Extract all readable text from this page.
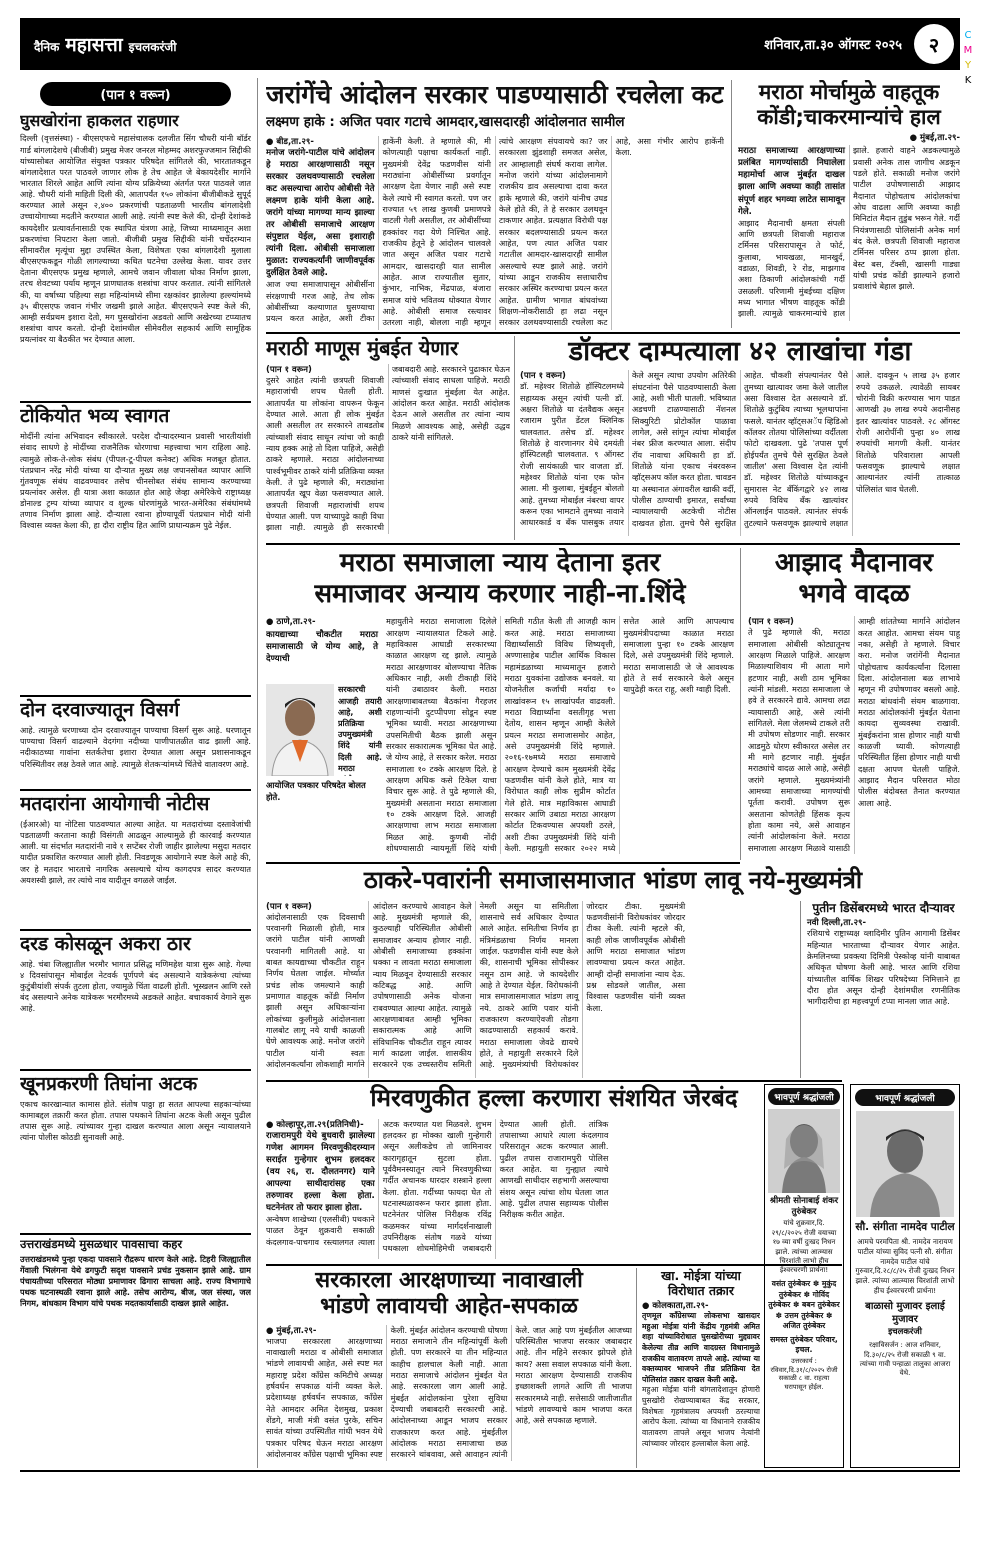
दैनिक महासत्ता इचलकरंजी	शनिवार,ता.३० ऑगस्ट २०२५	२	C
M
Y
K
(पान १ वरून)
घुसखोरांना हाकलत राहणार
दिल्ली (वृत्तसंस्था) - बीएसएफचे महासंचालक दलजीत सिंग चौधरी यांनी बॉर्डर गार्ड बांगलादेशचे (बीजीबी) प्रमुख मेजर जनरल मोहम्मद अशरफुज्जमान सिद्दीकी यांच्यासोबत आयोजित संयुक्त पत्रकार परिषदेत सांगितले की, भारतातकडून बांगलादेशात परत पाठवले जाणार लोक हे तेच आहेत जे बेकायदेशीर मार्गाने भारतात शिरले आहेत आणि त्यांना योग्य प्रक्रियेच्या अंतर्गत परत पाठवले जात आहे. चौधरी यांनी माहिती दिली की, आतापर्यंत १५० लोकांना बीजीबीकडे सुपूर्द करण्यात आले असून २,४०० प्रकरणांची पडताळणी भारतीय बांगलादेशी उच्चायोगाच्या मदतीने करण्यात आली आहे. त्यांनी स्पष्ट केले की, दोन्ही देशांकडे कायदेशीर प्रत्यावर्तनासाठी एक स्थापित यंत्रणा आहे, जिच्या माध्यमातून अशा प्रकरणांचा निपटारा केला जातो. बीजीबी प्रमुख सिद्दीकी यांनी चर्चेदरम्यान सीमावरील मृत्यूंचा मुद्दा उपस्थित केला, विशेषतः एका बांगलादेशी मुलाला बीएसएफकडून गोळी लागल्याच्या कथित घटनेचा उल्लेख केला. यावर उत्तर देताना बीएसएफ प्रमुख म्हणाले, आमचे जवान जीवाला धोका निर्माण झाला, तरच शेवटच्या पर्याय म्हणून प्राणघातक शस्त्रांचा वापर करतात. त्यांनी सांगितले की, या वर्षाच्या पहिल्या सहा महिन्यांमध्ये सीमा रक्षकांवर झालेल्या हल्ल्यांमध्ये ३५ बीएसएफ जवान गंभीर जखमी झाले आहेत. बीएसएफने स्पष्ट केले की, आम्ही सर्वप्रथम इशारा देतो, मग घुसखोरांना अडवतो आणि अखेरच्या टप्प्यातच शस्त्रांचा वापर करतो. दोन्ही देशांमधील सीमेवरील सहकार्य आणि सामूहिक प्रयत्नांवर या बैठकीत भर देण्यात आला.
टोकियोत भव्य स्वागत
मोदींनी त्यांना अभिवादन स्वीकारले. परदेश दौऱ्यादरम्यान प्रवासी भारतीयांशी संवाद साधणे हे मोदींच्या राजनैतिक धोरणाचा महत्त्वाचा भाग राहिला आहे. त्यामुळे लोक-ते-लोक संबंध (पीपल-टू-पीपल कनेक्ट) अधिक मजबूत होतात. पंतप्रधान नरेंद्र मोदी यांच्या या दौऱ्यात मुख्य लक्ष जपानसोबत व्यापार आणि गुंतवणूक संबंध वाढवण्यावर तसेच चीनसोबत संबंध सामान्य करण्याच्या प्रयत्नांवर असेल. ही यात्रा अशा काळात होत आहे जेव्हा अमेरिकेचे राष्ट्राध्यक्ष डोनाल्ड ट्रम्प यांच्या व्यापार व शुल्क धोरणांमुळे भारत-अमेरिका संबंधांमध्ये तणाव निर्माण झाला आहे. दौऱ्याला रवाना होण्यापूर्वी पंतप्रधान मोदी यांनी विश्वास व्यक्त केला की, हा दौरा राष्ट्रीय हित आणि प्राधान्यक्रम पुढे नेईल.
दोन दरवाज्यातून विसर्ग
आहे. त्यामुळे धरणाच्या दोन दरवाज्यातून पाण्याचा विसर्ग सुरू आहे. धरणातून पाण्याचा विसर्ग वाढल्याने वेदगंगा नदीच्या पाणीपातळीत वाढ झाली आहे. नदीकाठच्या गावांना सतर्कतेचा इशारा देण्यात आला असून प्रशासनाकडून परिस्थितीवर लक्ष ठेवले जात आहे. त्यामुळे शेतकऱ्यांमध्ये चिंतेचे वातावरण आहे.
मतदारांना आयोगाची नोटीस
(ईआरओ) या नोटिसा पाठवण्यात आल्या आहेत. या मतदारांच्या दस्तावेजांची पडताळणी करताना काही विसंगती आढळून आल्यामुळे ही कारवाई करण्यात आली. या संदर्भात मतदारांनी नावे १ सप्टेंबर रोजी जाहीर झालेल्या मसुदा मतदार यादीत प्रकाशित करण्यात आली होती. निवडणूक आयोगाने स्पष्ट केले आहे की, जर हे मतदार भारताचे नागरिक असल्याचे योग्य कागदपत्र सादर करण्यात अयशस्वी झाले, तर त्यांचे नाव यादीतून वगळले जाईल.
दरड कोसळून अकरा ठार
आहे. चंबा जिल्ह्यातील भरमौर भागात प्रसिद्ध मणिमहेश यात्रा सुरू आहे. गेल्या ४ दिवसांपासून मोबाईल नेटवर्क पूर्णपणे बंद असल्याने यात्रेकरूंचा त्यांच्या कुटुंबीयांशी संपर्क तुटला होता, ज्यामुळे चिंता वाढली होती. भूस्खलन आणि रस्ते बंद असल्याने अनेक यात्रेकरू भरमौरमध्ये अडकले आहेत. बचावकार्य वेगाने सुरू आहे.
खूनप्रकरणी तिघांना अटक
एकाच कारखान्यात कामास होते. संतोष पाठ्ठा हा सतत आपल्या सहकाऱ्यांच्या कामाबद्दल तक्रारी करत होता. तपास पथकाने तिघांना अटक केली असून पुढील तपास सुरू आहे. त्यांच्यावर गुन्हा दाखल करण्यात आला असून न्यायालयाने त्यांना पोलीस कोठडी सुनावली आहे.
उत्तराखंडमध्ये मुसळधार पावसाचा कहर
उत्तराखंडमध्ये पुन्हा एकदा पावसाने रौद्ररूप धारण केले आहे. टिहरी जिल्ह्यातील गेंवाली भिलंगना येथे ढगफुटी सदृश पावसाने प्रचंड नुकसान झाले आहे. ग्राम पंचायतीच्या परिसरात मोठ्या प्रमाणावर ढिगारा साचला आहे. राज्य विभागाचे पथक घटनास्थळी रवाना झाले आहे. तसेच आरोग्य, बीज, जल संस्था, जल निगम, बांधकाम विभाग यांचे पथक मदतकार्यासाठी दाखल झाले आहेत.
जरांगेंचे आंदोलन सरकार पाडण्यासाठी रचलेला कट
लक्ष्मण हाके : अजित पवार गटाचे आमदार,खासदारही आंदोलनात सामील
● बीड,ता.२९-
मनोज जरांगे-पाटील यांचे आंदोलन हे मराठा आरक्षणासाठी नसून सरकार उलथवण्यासाठी रचलेला कट असल्याचा आरोप ओबीसी नेते लक्ष्मण हाके यांनी केला आहे. जरांगे यांच्या मागण्या मान्य झाल्या तर ओबीसी समाजाचे आरक्षण संपुष्टात येईल, असा इशाराही त्यांनी दिला. ओबीसी समाजाला मुळात: राज्यकर्त्यांनी जाणीवपूर्वक दुर्लक्षित ठेवले आहे.
आज ज्या समाजापासून ओबीसींना संरक्षणाची गरज आहे, तेच लोक ओबीसींच्या कल्याणात घुसण्याचा प्रयत्न करत आहेत, अशी टीका हाकेंनी केली. ते म्हणाले की, मी कोणत्याही पक्षाचा कार्यकर्ता नाही. मुख्यमंत्री देवेंद्र फडणवीस यांनी मराठ्यांना ओबीसींच्या प्रवर्गातून आरक्षण देता येणार नाही असे स्पष्ट केले त्याचे मी स्वागत करतो. पण जर राज्यात ५९ लाख कुणबी प्रमाणपत्रे वाटली गेली असतील, तर ओबीसींच्या हक्कांवर गदा येणे निश्चित आहे. राजकीय हेतूने हे आंदोलन चालवले जात असून अजित पवार गटाचे आमदार, खासदारही यात सामील आहेत. आज राज्यातील सुतार, कुंभार, नाभिक, मेंढपाळ, बंजारा समाज यांचे भवितव्य धोक्यात येणार आहे. ओबीसी समाज रस्त्यावर उतरला नाही, बोलला नाही म्हणून त्यांचे आरक्षण संपवायचे का? जर सरकारला झुंडशाही समजत असेल, तर आम्हालाही संघर्ष करावा लागेल. मनोज जरांगे यांच्या आंदोलनामागे राजकीय डाव असल्याचा दावा करत हाके म्हणाले की, जरांगे यांनीच उघड केले होते की, ते हे सरकार उलथवून टाकणार आहेत. प्रत्यक्षात विरोधी पक्ष सरकार बदलण्यासाठी प्रयत्न करत आहेत, पण त्यात अजित पवार गटातील आमदार-खासदारही सामील असल्याचे स्पष्ट झाले आहे. जरांगे यांच्या आडून राजकीय सत्ताधारीच सरकार अस्थिर करण्याचा प्रयत्न करत आहेत. ग्रामीण भागात बांधवांच्या शिक्षण-नोकरीसाठी हा लढा नसून सरकार उलथवण्यासाठी रचलेला कट आहे, असा गंभीर आरोप हाकेंनी केला.
मराठा मोर्चामुळे वाहतूक कोंडी;चाकरमान्यांचे हाल
● मुंबई,ता.२९-
मराठा समाजाच्या आरक्षणाच्या प्रलंबित मागण्यांसाठी निघालेला महामोर्चा आज मुंबईत दाखल झाला आणि अवघ्या काही तासांत संपूर्ण शहर भगव्या लाटेत सामावून गेले.
आझाद मैदानाची क्षमता संपली आणि छत्रपती शिवाजी महाराज टर्मिनस परिसरापासून ते फोर्ट, कुलाबा, भायखळा, मानखुर्द, वडाळा, शिवडी, रे रोड, माझगाव अशा ठिकाणी आंदोलकांची गर्दी उसळली. परिणामी मुंबईच्या दक्षिण मध्य भागात भीषण वाहतूक कोंडी झाली. त्यामुळे चाकरमान्यांचे हाल झाले. हजारो वाहने अडकल्यामुळे प्रवासी अनेक तास जागीच अडकून पडले होते. सकाळी मनोज जरांगे पाटील उपोषणासाठी आझाद मैदानात पोहोचताच आंदोलकांचा ओघ वाढला आणि अवघ्या काही मिनिटांत मैदान तुडुंब भरून गेले. गर्दी नियंत्रणासाठी पोलिसांनी अनेक मार्ग बंद केले. छत्रपती शिवाजी महाराज टर्मिनस परिसर ठप्प झाला होता. बेस्ट बस, टॅक्सी, खासगी गाड्या यांची प्रचंड कोंडी झाल्याने हजारो प्रवाशांचे बेहाल झाले.
मराठी माणूस मुंबईत येणार
(पान १ वरून)
दुसरे आहेत त्यांनी छत्रपती शिवाजी महाराजांची शपथ घेतली होती. आतापर्यंत या लोकांना वापरून फेकून देण्यात आले. आता ही लोक मुंबईत आली असतील तर सरकारने ताबडतोब त्यांच्याशी संवाद साधून त्यांचा जो काही न्याय हक्क आहे तो दिला पाहिजे, असेही ठाकरे म्हणाले. मराठा आंदोलनाच्या पार्श्वभूमीवर ठाकरे यांनी प्रतिक्रिया व्यक्त केली. ते पुढे म्हणाले की, मराठ्यांना आतापर्यंत खूप वेळा फसवण्यात आले. छत्रपती शिवाजी महाराजांची शपथ घेण्यात आली. पण याच्यापुढे काही विधा झाला नाही. त्यामुळे ही सरकारची जबाबदारी आहे. सरकारने पुढाकार घेऊन त्यांच्याशी संवाद साधला पाहिजे. मराठी माणसं दुःखात मुंबईला येत आहेत. आंदोलन करत आहेत. मराठी आंदोलक देऊन आले असतील तर त्यांना न्याय मिळणे आवश्यक आहे, असेही उद्धव ठाकरे यांनी सांगितले.
डॉक्टर दाम्पत्याला ४२ लाखांचा गंडा
(पान १ वरून)
डॉ. महेश्वर शितोळे हॉस्पिटलमध्ये सहाय्यक असून त्यांची पत्नी डॉ. अक्षरा शितोळे या दंतवैद्यक असून रजाराम पुरीत डेंटल क्लिनिक चालवतात. तसेच डॉ. महेश्वर शितोळे हे वारणानगर येथे दमयंती हॉस्पिटलही चालवतात. ९ ऑगस्ट रोजी सायंकाळी चार वाजता डॉ. महेश्वर शितोळे यांना एक फोन आला. मी कुलाबा, मुंबईहून बोलतो आहे. तुमच्या मोबाईल नंबरचा वापर करून एका भामटाने तुमच्या नावाने आधारकार्ड व बँक पासबुक तयार केले असून त्याचा उपयोग अतिरेकी संघटनांना पैसे पाठवण्यासाठी केला आहे, अशी भीती घातली. भविष्यात अडचणी टाळण्यासाठी नॅशनल सिक्युरिटी प्रोटोकॉल पाळावा लागेल, असे सांगून त्यांचा मोबाईल नंबर फ्रीज करण्यात आला. संदीप रॉय नावाचा अधिकारी हा डॉ. शितोळे यांना एकाच नंबरवरून व्हॉट्सअप कॉल करत होता. चावडन या अस्थानात अंगावरील खाकी वर्दी, पोलीस ठाण्याची इमारत, सर्वांच्या न्यायालयाची अटकेची नोटीस दाखवत होता. तुमचे पैसे सुरक्षित आहेत. चौकशी संपल्यानंतर पैसे तुमच्या खात्यावर जमा केले जातील असा विश्वास देत असल्याने डॉ. शितोळे कुटुंबिय त्याच्या भूलथापांना फसले. यानंतर व्हॉट्सअॅप व्हिडिओ कॉलवर तोतया पोलिसांच्या वर्दीतला फोटो दाखवला. पुढे 'तपास पूर्ण होईपर्यंत तुमचे पैसे सुरक्षित ठेवले जातील' असा विश्वास देत त्यांनी डॉ. महेश्वर शितोळे यांच्याकडून सुमारास नेट बँकिंगद्वारे ४२ लाख रुपये विविध बँक खात्यांवर ऑनलाईन पाठवले. त्यानंतर संपर्क तुटल्याने फसवणूक झाल्याचे लक्षात आले. दावकून ५ लाख ३५ हजार रुपये उकळले. त्यावेळी सायबर चोरांनी विक्री करण्यास भाग पाडत आणखी ३७ लाख रुपये अदानीसह इतर खात्यांवर पाठवले. २८ ऑगस्ट रोजी आरोपींनी पुन्हा ४० लाख रुपयांची मागणी केली. यानंतर शितोळे परिवाराला आपली फसवणूक झाल्याचे लक्षात आल्यानंतर त्यांनी तात्काळ पोलिसांत धाव घेतली.
मराठा समाजाला न्याय देताना इतर
समाजावर अन्याय करणार नाही-ना.शिंदे
● ठाणे,ता.२९-
कायद्याच्या चौकटीत मराठा समाजासाठी जे योग्य आहे, ते देण्याची
आयोजित पत्रकार परिषदेत बोलत होते.
सरकारची आजही तयारी आहे, अशी प्रतिक्रिया उपमुख्यमंत्री शिंदे यांनी दिली आहे. मराठा
महायुतीने मराठा समाजाला दिलेले आरक्षण न्यायालयात टिकले आहे. महाविकास आघाडी सरकारच्या काळात आरक्षण रद्द झाले. त्यामुळे मराठा आरक्षणावर बोलण्याचा नैतिक अधिकार नाही, अशी टीकाही शिंदे यांनी उबाठावर केली. मराठा आरक्षणाबाबतच्या बैठकांना गैरहजर राहणाऱ्यांनी दुटप्पीपणा सोडून स्पष्ट भूमिका घ्यावी. मराठा आरक्षणाच्या उपसमितीची बैठक झाली असून सरकार सकारात्मक भूमिका घेत आहे. जे योग्य आहे, ते सरकार करेल. मराठा समाजाला १० टक्के आरक्षण दिले. हे आरक्षण अधिक कसे टिकेल याचा विचार सुरू आहे. ते पुढे म्हणाले की, मुख्यमंत्री असताना मराठा समाजाला १० टक्के आरक्षण दिले. आजही आरक्षणाचा लाभ मराठा समाजाला मिळत आहे. कुणबी नोंदी शोधण्यासाठी न्यायमूर्ती शिंदे यांची समिती गठीत केली ती आजही काम करत आहे. मराठा समाजाच्या विद्यार्थ्यांसाठी विविध शिष्यवृत्ती, अण्णासाहेब पाटील आर्थिक विकास महामंडळाच्या माध्यमातून हजारो मराठा युवकांना उद्योजक बनवले. या योजनेतील कर्जाची मर्यादा १० लाखांवरून १५ लाखांपर्यंत वाढवली. मराठा विद्यार्थ्यांना वसतीगृह भत्ता देतोय, शासन म्हणून आम्ही केलेले प्रयत्न मराठा समाजासमोर आहेत, असे उपमुख्यमंत्री शिंदे म्हणाले. २०१६-१७मध्ये मराठा समाजाचे आरक्षण देण्याचे काम मुख्यमंत्री देवेंद्र फडणवीस यांनी केले होते, मात्र या विरोधात काही लोक सुप्रीम कोर्टात गेले होते. मात्र महाविकास आघाडी सरकार आणि उबाठा मराठा आरक्षण कोर्टात टिकवण्यास अपयशी ठरले, अशी टीका उपमुख्यमंत्री शिंदे यांनी केली. महायुती सरकार २०२२ मध्ये सत्तेत आले आणि आपल्याच मुख्यमंत्रीपदाच्या काळात मराठा समाजाला पुन्हा १० टक्के आरक्षण दिले, असे उपमुख्यमंत्री शिंदे म्हणाले. मराठा समाजासाठी जे जे आवश्यक होते ते सर्व सरकारने केले असून यापुढेही करत राहू, अशी ग्वाही दिली.
आझाद मैदानावर
भगवे वादळ
(पान १ वरून)
ते पुढे म्हणाले की, मराठा समाजाला ओबीसी कोट्यातूनच आरक्षण मिळाले पाहिजे. आरक्षण मिळाल्याशिवाय मी आता मागे हटणार नाही, अशी ठाम भूमिका त्यांनी मांडली. मराठा समाजाला जे हवे ते सरकारने द्यावे. आमचा लढा न्यायासाठी आहे, असे त्यांनी सांगितले. मेला जेलमध्ये टाकले तरी मी उपोषण सोडणार नाही. सरकार आडमुठे धोरण स्वीकारत असेल तर मी मागे हटणार नाही. मुंबईत मराठ्यांचे वादळ आले आहे, असेही जरांगे म्हणाले. मुख्यमंत्र्यांनी आमच्या समाजाच्या मागण्यांची पूर्तता करावी. उपोषण सुरू असताना कोणतेही हिंसक कृत्य होता कामा नये, असे आवाहन त्यांनी आंदोलकांना केले. मराठा समाजाला आरक्षण मिळावे यासाठी आम्ही शांततेच्या मार्गाने आंदोलन करत आहोत. आमचा संयम पाहू नका, असेही ते म्हणाले. विचार करा. मनोज जरांगेंनी मैदानात पोहोचताच कार्यकर्त्यांना दिलासा दिला. आंदोलनाला बळ लाभावे म्हणून मी उपोषणावर बसलो आहे. मराठा बांधवांनी संयम बाळगावा. मराठा आंदोलकांनी मुंबईत येताना कायदा सुव्यवस्था राखावी. मुंबईकरांना त्रास होणार नाही याची काळजी घ्यावी. कोणत्याही परिस्थितीत हिंसा होणार नाही याची दक्षता आपण घेतली पाहिजे. आझाद मैदान परिसरात मोठा पोलीस बंदोबस्त तैनात करण्यात आला आहे.
ठाकरे-पवारांनी समाजासमाजात भांडण लावू नये-मुख्यमंत्री
(पान १ वरून)
आंदोलनासाठी एक दिवसाची परवानगी मिळाली होती, मात्र जरांगे पाटील यांनी आणखी परवानगी मागितली आहे. या बाबत कायद्याच्या चौकटीत राहून निर्णय घेतला जाईल. मोर्च्यात प्रचंड लोक जमल्याने काही प्रमाणात वाहतूक कोंडी निर्माण झाली असून अधिकाऱ्यांना लोकांच्या कुलीमुळे आंदोलनाला गालबोट लागू नये याची काळजी घेणे आवश्यक आहे. मनोज जरांगे पाटील यांनी स्वतः आंदोलनकर्त्यांना लोकशाही मार्गाने आंदोलन करण्याचे आवाहन केले आहे. मुख्यमंत्री म्हणाले की, कुठल्याही परिस्थितीत ओबीसी समाजावर अन्याय होणार नाही. ओबीसी समाजाच्या हक्कांना धक्का न लावता मराठा समाजाला न्याय मिळवून देण्यासाठी सरकार कटिबद्ध आहे. आणि उपोषणासाठी अनेक योजना राबवण्यात आल्या आहेत. त्यामुळे आरक्षणाबाबत आम्ही भूमिका सकारात्मक आहे आणि संविधानिक चौकटीत राहून त्यावर मार्ग काढला जाईल. शासकीय सरकारने एक उच्चस्तरीय समिती नेमली असून या समितीला शासनाचे सर्व अधिकार देण्यात आले आहेत. समितीचा निर्णय हा मंत्रिमंडळाचा निर्णय मानला जाईल. फडणवीस यांनी स्पष्ट केले की, शासनाची भूमिका सोपीस्कर नसून ठाम आहे. जे कायदेशीर आहे ते देण्यात येईल. विरोधकांनी मात्र समाजासमाजात भांडण लावू नये. ठाकरे आणि पवार यांनी राजकारण करण्याऐवजी तोडगा काढण्यासाठी सहकार्य करावे. मराठा समाजाला जेवढे द्यायचे होते, ते महायुती सरकारने दिले आहे. मुख्यमंत्र्यांची विरोधकांवर जोरदार टीका. मुख्यमंत्री फडणवीसांनी विरोधकांवर जोरदार टीका केली. त्यांनी म्हटले की, काही लोक जाणीवपूर्वक ओबीसी आणि मराठा समाजात भांडण लावण्याचा प्रयत्न करत आहेत. आम्ही दोन्ही समाजांना न्याय देऊ. प्रश्न सोडवले जातील, असा विश्वास फडणवीस यांनी व्यक्त केला.
पुतीन डिसेंबरमध्ये भारत दौऱ्यावर
नवी दिल्ली,ता.२९-
रशियाचे राष्ट्राध्यक्ष व्लादिमीर पुतिन आगामी डिसेंबर महिन्यात भारताच्या दौऱ्यावर येणार आहेत. क्रेमलिनच्या प्रवक्त्या दिमित्री पेस्कोव्ह यांनी याबाबत अधिकृत घोषणा केली आहे. भारत आणि रशिया यांच्यातील वार्षिक शिखर परिषदेच्या निमित्ताने हा दौरा होत असून दोन्ही देशांमधील रणनीतिक भागीदारीचा हा महत्त्वपूर्ण टप्पा मानला जात आहे.
मिरवणुकीत हल्ला करणारा संशयित जेरबंद
● कोल्हापूर,ता.२९(प्रतिनिधी)-
राजारामपुरी येथे बुधवारी झालेल्या गणेश आगमन मिरवणुकीदरम्यान सराईत गुन्हेगार शुभम हलदकर (वय २६, रा. दौलतनगर) याने आपल्या साथीदारांसह एका तरुणावर हल्ला केला होता. घटनेनंतर तो फरार झाला होता.
अन्वेषण शाखेच्या (एलसीबी) पथकाने पाळत ठेवून शुक्रवारी सकाळी कंदलगाव-पाचगाव रस्त्यालगत त्याला अटक करण्यात यश मिळवले. शुभम हलदकर हा मोक्का खाली गुन्हेगारी असून अलीकडेच तो जामिनावर कारागृहातून सुटला होता. पूर्ववैमनस्यातून त्याने मिरवणुकीच्या गर्दीत अचानक धारदार शस्त्राने हल्ला केला. होता. गर्दीच्या फायदा घेत तो घटनास्थळावरून फरार झाला होता. घटनेनंतर पोलिस निरीक्षक रविंद्र कळमकर यांच्या मार्गदर्शनाखाली उपनिरीक्षक संतोष गळवे यांच्या पथकाला शोधमोहिमेची जबाबदारी देण्यात आली होती. तांत्रिक तपासाच्या आधारे त्याला कंदलगाव परिसरातून अटक करण्यात आली. पुढील तपास राजारामपुरी पोलिस करत आहेत. या गुन्ह्यात त्याचे आणखी साथीदार सहभागी असल्याचा संशय असून त्यांचा शोध घेतला जात आहे. पुढील तपास सहाय्यक पोलीस निरीक्षक करीत आहेत.
सरकारला आरक्षणाच्या नावाखाली
भांडणे लावायची आहेत-सपकाळ
● मुंबई,ता.२९-
भाजपा सरकारला आरक्षणाच्या नावाखाली मराठा व ओबीसी समाजात भांडणे लावायची आहेत, असे स्पष्ट मत महाराष्ट्र प्रदेश काँग्रेस कमिटीचे अध्यक्ष हर्षवर्धन सपकाळ यांनी व्यक्त केले. प्रदेशाध्यक्ष हर्षवर्धन सपकाळ, काँग्रेस नेते आमदार अमित देशमुख, प्रकाश शेंडगे, माजी मंत्री वसंत पुरके, सचिन सावंत यांच्या उपस्थितीत गांधी भवन येथे पत्रकार परिषद घेऊन मराठा आरक्षण आंदोलनावर काँग्रेस पक्षाची भूमिका स्पष्ट केली. मुंबईत आंदोलन करण्याची घोषणा मराठा समाजाने तीन महिन्यांपूर्वी केली होती. पण सरकारने या तीन महिन्यात काहीच हालचाल केली नाही. आता मराठा समाजाचे आंदोलन मुंबईत येत आहे. सरकारला जाग आली आहे. मुंबईत आंदोलकांना पुरेशा सुविधा देण्याची जबाबदारी सरकारची आहे. आंदोलनाच्या आडून भाजप सरकार राजकारण करत आहे. मुंबईतील आंदोलक मराठा समाजाचा छळ सरकारने थांबवावा, असे आवाहन त्यांनी केले. जात आहे पण मुंबईतील आजच्या परिस्थितीस भाजपा सरकार जबाबदार आहे. तीन महिने सरकार झोपले होते काय? असा सवाल सपकाळ यांनी केला. मराठा आरक्षण देण्यासाठी राजकीय इच्छाशक्ती लागते आणि ती भाजपा सरकारमध्ये नाही. सत्तेसाठी जातीजातीत भांडणे लावण्याचे काम भाजपा करत आहे, असे सपकाळ म्हणाले.
खा. मोईत्रा यांच्या
विरोधात तक्रार
● कोलकाता,ता.२९-
तृणमूल काँग्रेसच्या लोकसभा खासदार महुआ मोईत्रा यांनी केंद्रीय गृहमंत्री अमित शहा यांच्याविरोधात घुसखोरीच्या मुद्द्यावर केलेल्या तीव्र आणि वादग्रस्त विधानामुळे राजकीय वातावरण तापले आहे. त्यांच्या या वक्तव्यावर भाजपने तीव्र प्रतिक्रिया देत पोलिसांत तक्रार दाखल केली आहे.
महुआ मोईत्रा यांनी बांगलादेशातून होणारी घुसखोरी रोखण्याबाबत केंद्र सरकार, विशेषतः गृहमंत्रालय अपयशी ठरल्याचा आरोप केला. त्यांच्या या विधानाने राजकीय वातावरण तापले असून भाजप नेत्यांनी त्यांच्यावर जोरदार हल्लाबोल केला आहे.
भावपूर्ण श्रद्धांजली
श्रीमती सोनाबाई शंकर तुरुंबेकर
यांचे शुक्रवार,दि. २९/८/२०२५ रोजी वयाच्या १७ व्या वर्षी दुःखद निधन झाले. त्यांच्या आत्म्यास चिरशांती लाभो हीच ईश्वरचरणी प्रार्थना!
वसंत तुरुंबेकर ✽ मुकुंद तुरुंबेकर ✽ गोविंद तुरुंबेकर ✽ बबन तुरुंबेकर ✽ उत्तम तुरुंबेकर ✽ अजित तुरुंबेकर
समस्त तुरुंबेकर परिवार, इचल.
उत्तरकार्य : रविवार,दि.३१/८/२०२५ रोजी सकाळी ८ वा. राहत्या घरापासून होईल.
भावपूर्ण श्रद्धांजली
सौ. संगीता नामदेव पाटील
आमचे परमपिता श्री. नामदेव नारायण पाटील यांच्या सुविद पत्नी सौ. संगीता नामदेव पाटील यांचे गुरुवार,दि.२८/८/२५ रोजी दुःखद निधन झाले. त्यांच्या आत्म्यास चिरशांती लाभो हीच ईश्वरचरणी प्रार्थना!
बाळासो मुजावर इलाई मुजावर
इचलकरंजी
रक्षाविसर्जन : आज शनिवार, दि.३०/८/२५ रोजी सकाळी ९ वा. त्यांच्या गावी पन्हाळा तालुका आजरा येथे.
